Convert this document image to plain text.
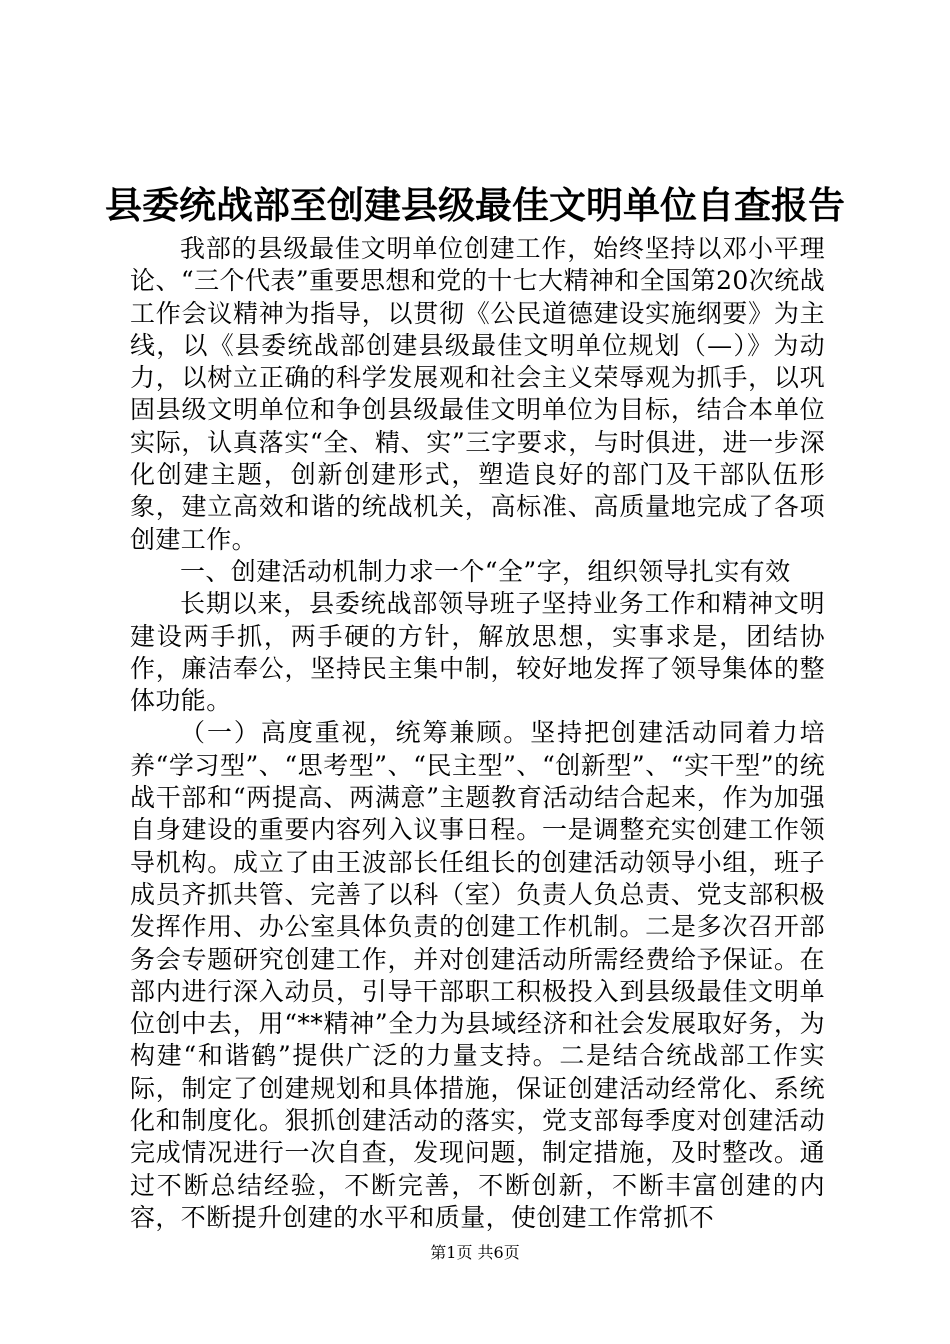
县委统战部至创建县级最佳文明单位自查报告

我部的县级最佳文明单位创建工作，始终坚持以邓小平理论、“三个代表”重要思想和党的十七大精神和全国第20次统战工作会议精神为指导，以贯彻《公民道德建设实施纲要》为主线，以《县委统战部创建县级最佳文明单位规划（—）》为动力，以树立正确的科学发展观和社会主义荣辱观为抓手，以巩固县级文明单位和争创县级最佳文明单位为目标，结合本单位实际，认真落实“全、精、实”三字要求，与时俱进，进一步深化创建主题，创新创建形式，塑造良好的部门及干部队伍形象，建立高效和谐的统战机关，高标准、高质量地完成了各项创建工作。

一、创建活动机制力求一个“全”字，组织领导扎实有效

长期以来，县委统战部领导班子坚持业务工作和精神文明建设两手抓，两手硬的方针，解放思想，实事求是，团结协作，廉洁奉公，坚持民主集中制，较好地发挥了领导集体的整体功能。

（一）高度重视，统筹兼顾。坚持把创建活动同着力培养“学习型”、“思考型”、“民主型”、“创新型”、“实干型”的统战干部和“两提高、两满意”主题教育活动结合起来，作为加强自身建设的重要内容列入议事日程。一是调整充实创建工作领导机构。成立了由王波部长任组长的创建活动领导小组，班子成员齐抓共管、完善了以科（室）负责人负总责、党支部积极发挥作用、办公室具体负责的创建工作机制。二是多次召开部务会专题研究创建工作，并对创建活动所需经费给予保证。在部内进行深入动员，引导干部职工积极投入到县级最佳文明单位创中去，用“**精神”全力为县域经济和社会发展取好务，为构建“和谐鹤”提供广泛的力量支持。二是结合统战部工作实际，制定了创建规划和具体措施，保证创建活动经常化、系统化和制度化。狠抓创建活动的落实，党支部每季度对创建活动完成情况进行一次自查，发现问题，制定措施，及时整改。通过不断总结经验，不断完善，不断创新，不断丰富创建的内容，不断提升创建的水平和质量，使创建工作常抓不

第1页 共6页
